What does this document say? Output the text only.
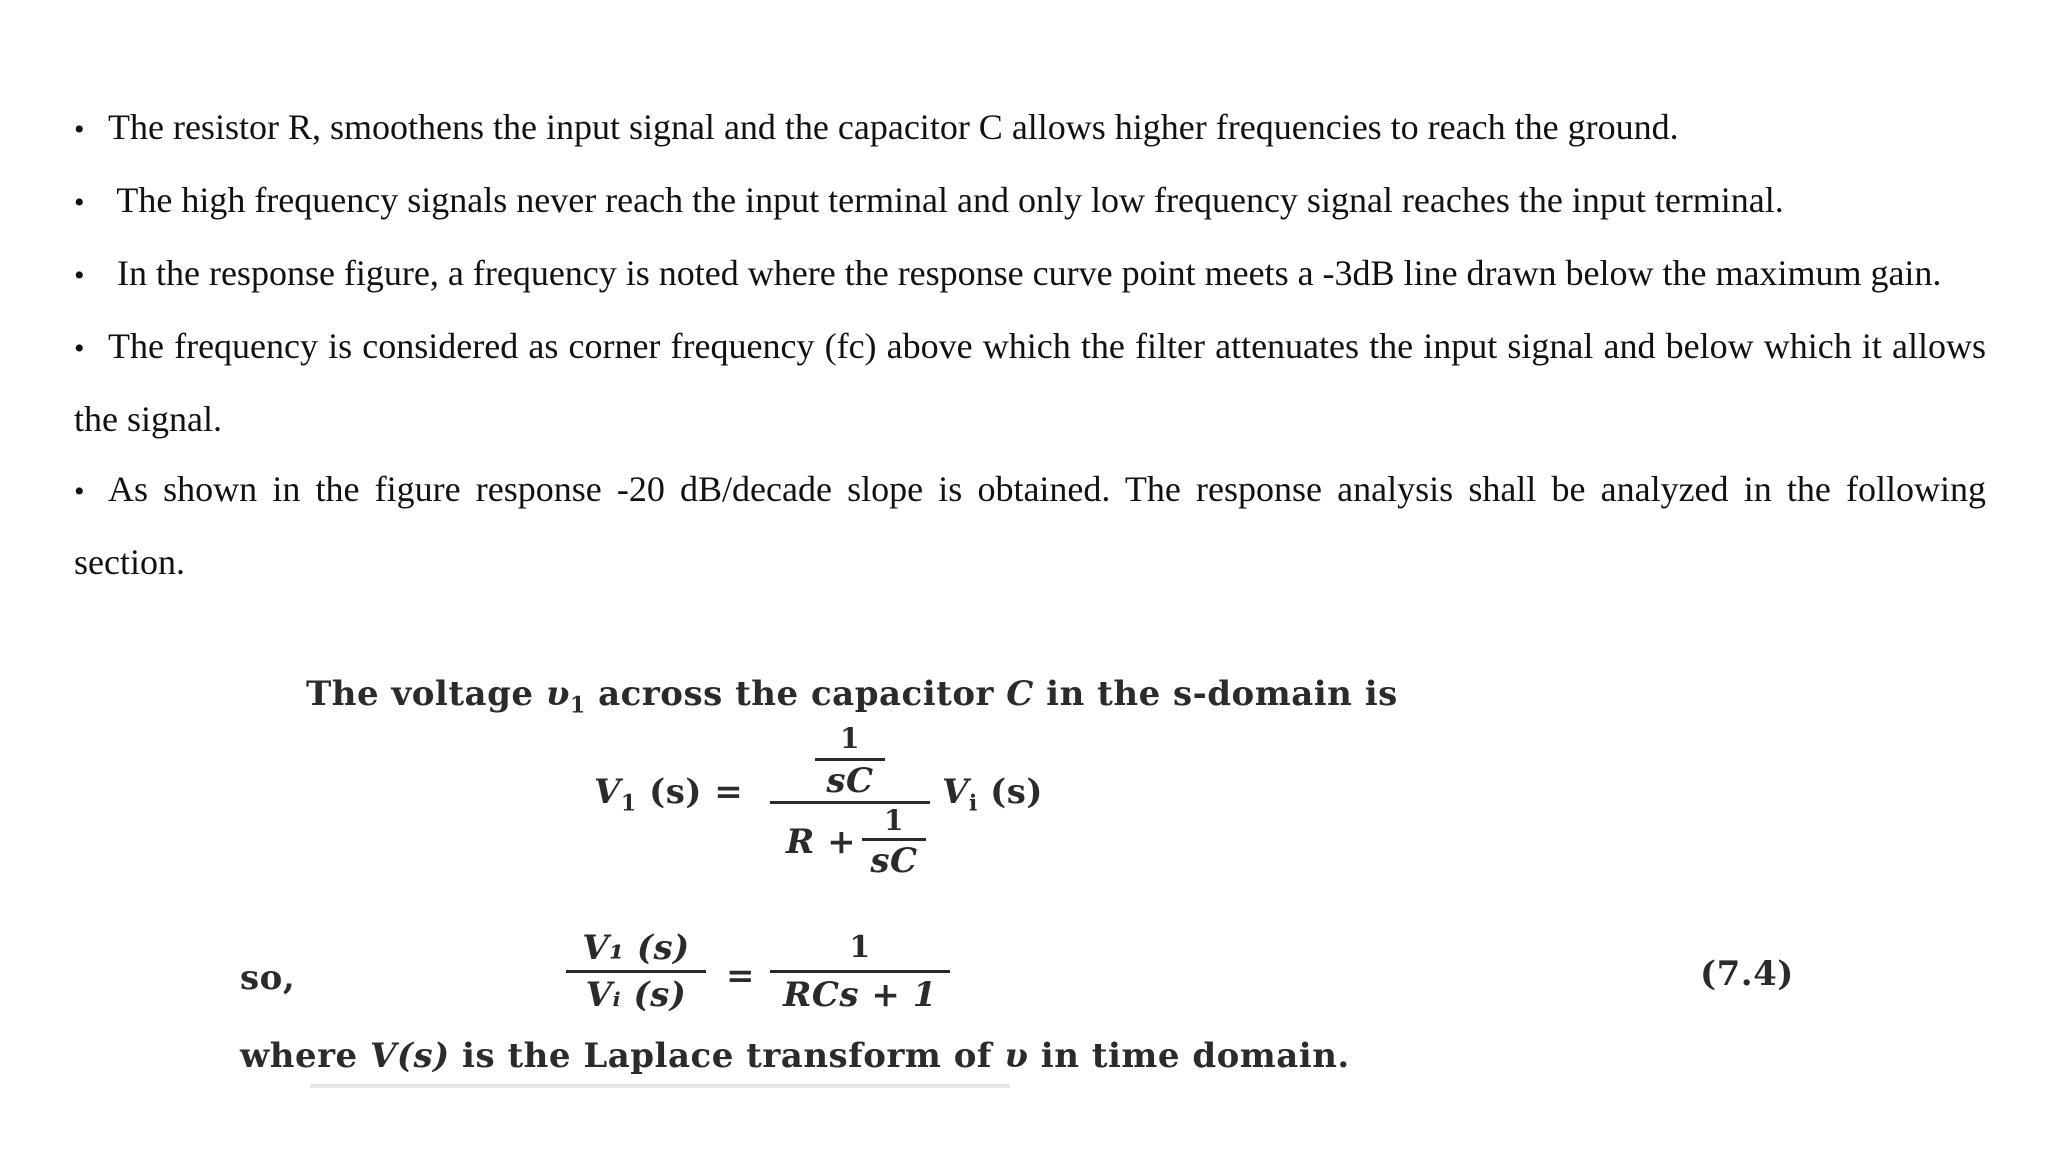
• The resistor R, smoothens the input signal and the capacitor C allows higher frequencies to reach the ground.

• The high frequency signals never reach the input terminal and only low frequency signal reaches the input terminal.

• In the response figure, a frequency is noted where the response curve point meets a -3dB line drawn below the maximum gain.

• The frequency is considered as corner frequency (fc) above which the filter attenuates the input signal and below which it allows the signal.

• As shown in the figure response -20 dB/decade slope is obtained. The response analysis shall be analyzed in the following section.

The voltage $\upsilon_1$ across the capacitor C in the s-domain is
$V_1$ (s) =
1
sC
R +
1
sC
$V_i$ (s)
so,
V₁ (s)
Vᵢ (s)	=
1
RCs + 1
(7.4)
where V(s) is the Laplace transform of υ in time domain.
